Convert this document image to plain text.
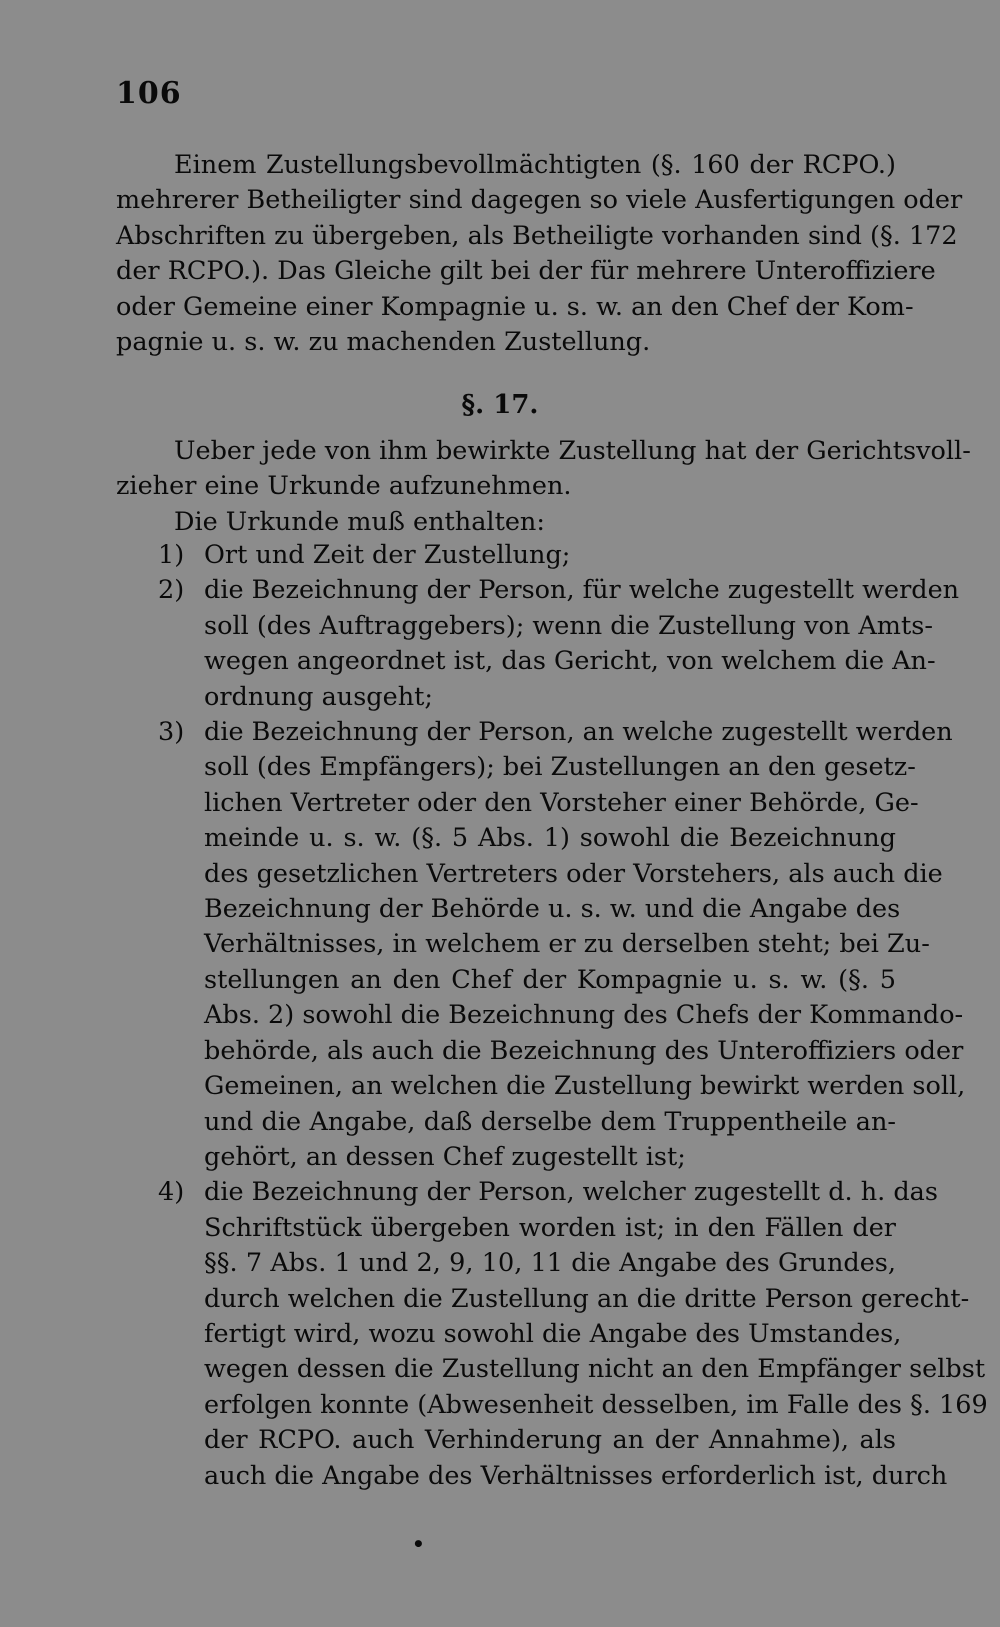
106
Einem Zustellungsbevollmächtigten (§. 160 der RCPO.)
mehrerer Betheiligter sind dagegen so viele Ausfertigungen oder
Abschriften zu übergeben, als Betheiligte vorhanden sind (§. 172
der RCPO.). Das Gleiche gilt bei der für mehrere Unteroffiziere
oder Gemeine einer Kompagnie u. s. w. an den Chef der Kom-
pagnie u. s. w. zu machenden Zustellung.
§. 17.
Ueber jede von ihm bewirkte Zustellung hat der Gerichtsvoll-
zieher eine Urkunde aufzunehmen.
Die Urkunde muß enthalten:
1) Ort und Zeit der Zustellung;
2) die Bezeichnung der Person, für welche zugestellt werden
soll (des Auftraggebers); wenn die Zustellung von Amts-
wegen angeordnet ist, das Gericht, von welchem die An-
ordnung ausgeht;
3) die Bezeichnung der Person, an welche zugestellt werden
soll (des Empfängers); bei Zustellungen an den gesetz-
lichen Vertreter oder den Vorsteher einer Behörde, Ge-
meinde u. s. w. (§. 5 Abs. 1) sowohl die Bezeichnung
des gesetzlichen Vertreters oder Vorstehers, als auch die
Bezeichnung der Behörde u. s. w. und die Angabe des
Verhältnisses, in welchem er zu derselben steht; bei Zu-
stellungen an den Chef der Kompagnie u. s. w. (§. 5
Abs. 2) sowohl die Bezeichnung des Chefs der Kommando-
behörde, als auch die Bezeichnung des Unteroffiziers oder
Gemeinen, an welchen die Zustellung bewirkt werden soll,
und die Angabe, daß derselbe dem Truppentheile an-
gehört, an dessen Chef zugestellt ist;
4) die Bezeichnung der Person, welcher zugestellt d. h. das
Schriftstück übergeben worden ist; in den Fällen der
§§. 7 Abs. 1 und 2, 9, 10, 11 die Angabe des Grundes,
durch welchen die Zustellung an die dritte Person gerecht-
fertigt wird, wozu sowohl die Angabe des Umstandes,
wegen dessen die Zustellung nicht an den Empfänger selbst
erfolgen konnte (Abwesenheit desselben, im Falle des §. 169
der RCPO. auch Verhinderung an der Annahme), als
auch die Angabe des Verhältnisses erforderlich ist, durch
•
